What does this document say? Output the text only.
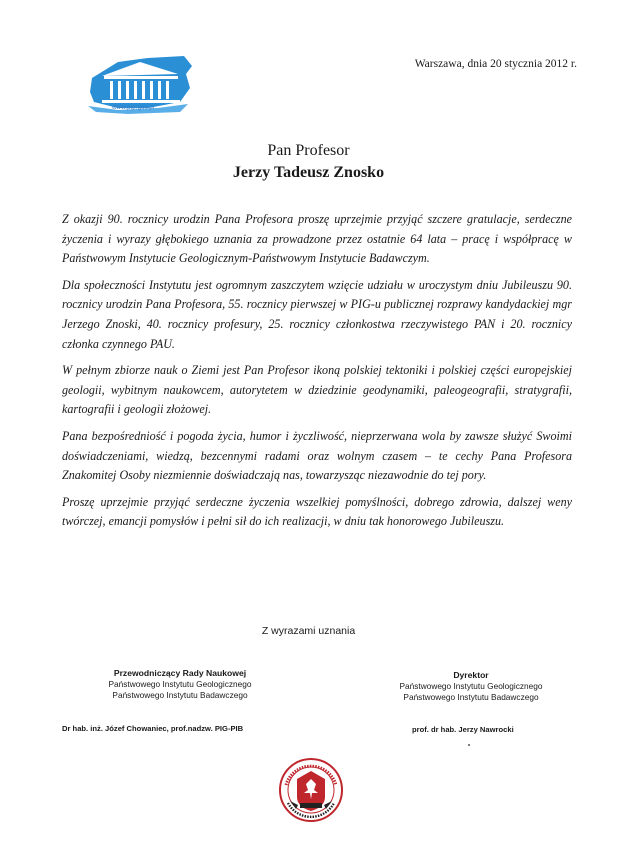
www.pgi.gov.pl
Warszawa, dnia 20 stycznia 2012 r.
Pan Profesor
Jerzy Tadeusz Znosko

Z okazji 90. rocznicy urodzin Pana Profesora proszę uprzejmie przyjąć szczere gratulacje, serdeczne życzenia i wyrazy głębokiego uznania za prowadzone przez ostatnie 64 lata – pracę i współpracę w Państwowym Instytucie Geologicznym-Państwowym Instytucie Badawczym.

Dla społeczności Instytutu jest ogromnym zaszczytem wzięcie udziału w uroczystym dniu Jubileuszu 90. rocznicy urodzin Pana Profesora, 55. rocznicy pierwszej w PIG-u publicznej rozprawy kandydackiej mgr Jerzego Znoski, 40. rocznicy profesury, 25. rocznicy członkostwa rzeczywistego PAN i 20. rocznicy członka czynnego PAU.

W pełnym zbiorze nauk o Ziemi jest Pan Profesor ikoną polskiej tektoniki i polskiej części europejskiej geologii, wybitnym naukowcem, autorytetem w dziedzinie geodynamiki, paleogeografii, stratygrafii, kartografii i geologii złożowej.

Pana bezpośredniość i pogoda życia, humor i życzliwość, nieprzerwana wola by zawsze służyć Swoimi doświadczeniami, wiedzą, bezcennymi radami oraz wolnym czasem – te cechy Pana Profesora Znakomitej Osoby niezmiennie doświadczają nas, towarzysząc niezawodnie do tej pory.

Proszę uprzejmie przyjąć serdeczne życzenia wszelkiej pomyślności, dobrego zdrowia, dalszej weny twórczej, emancji pomysłów i pełni sił do ich realizacji, w dniu tak honorowego Jubileuszu.

Z wyrazami uznania
Przewodniczący Rady Naukowej
Państwowego Instytutu Geologicznego
Państwowego Instytutu Badawczego
Dyrektor
Państwowego Instytutu Geologicznego
Państwowego Instytutu Badawczego
Dr hab. inż. Józef Chowaniec, prof.nadzw. PIG-PIB	prof. dr hab. Jerzy Nawrocki
